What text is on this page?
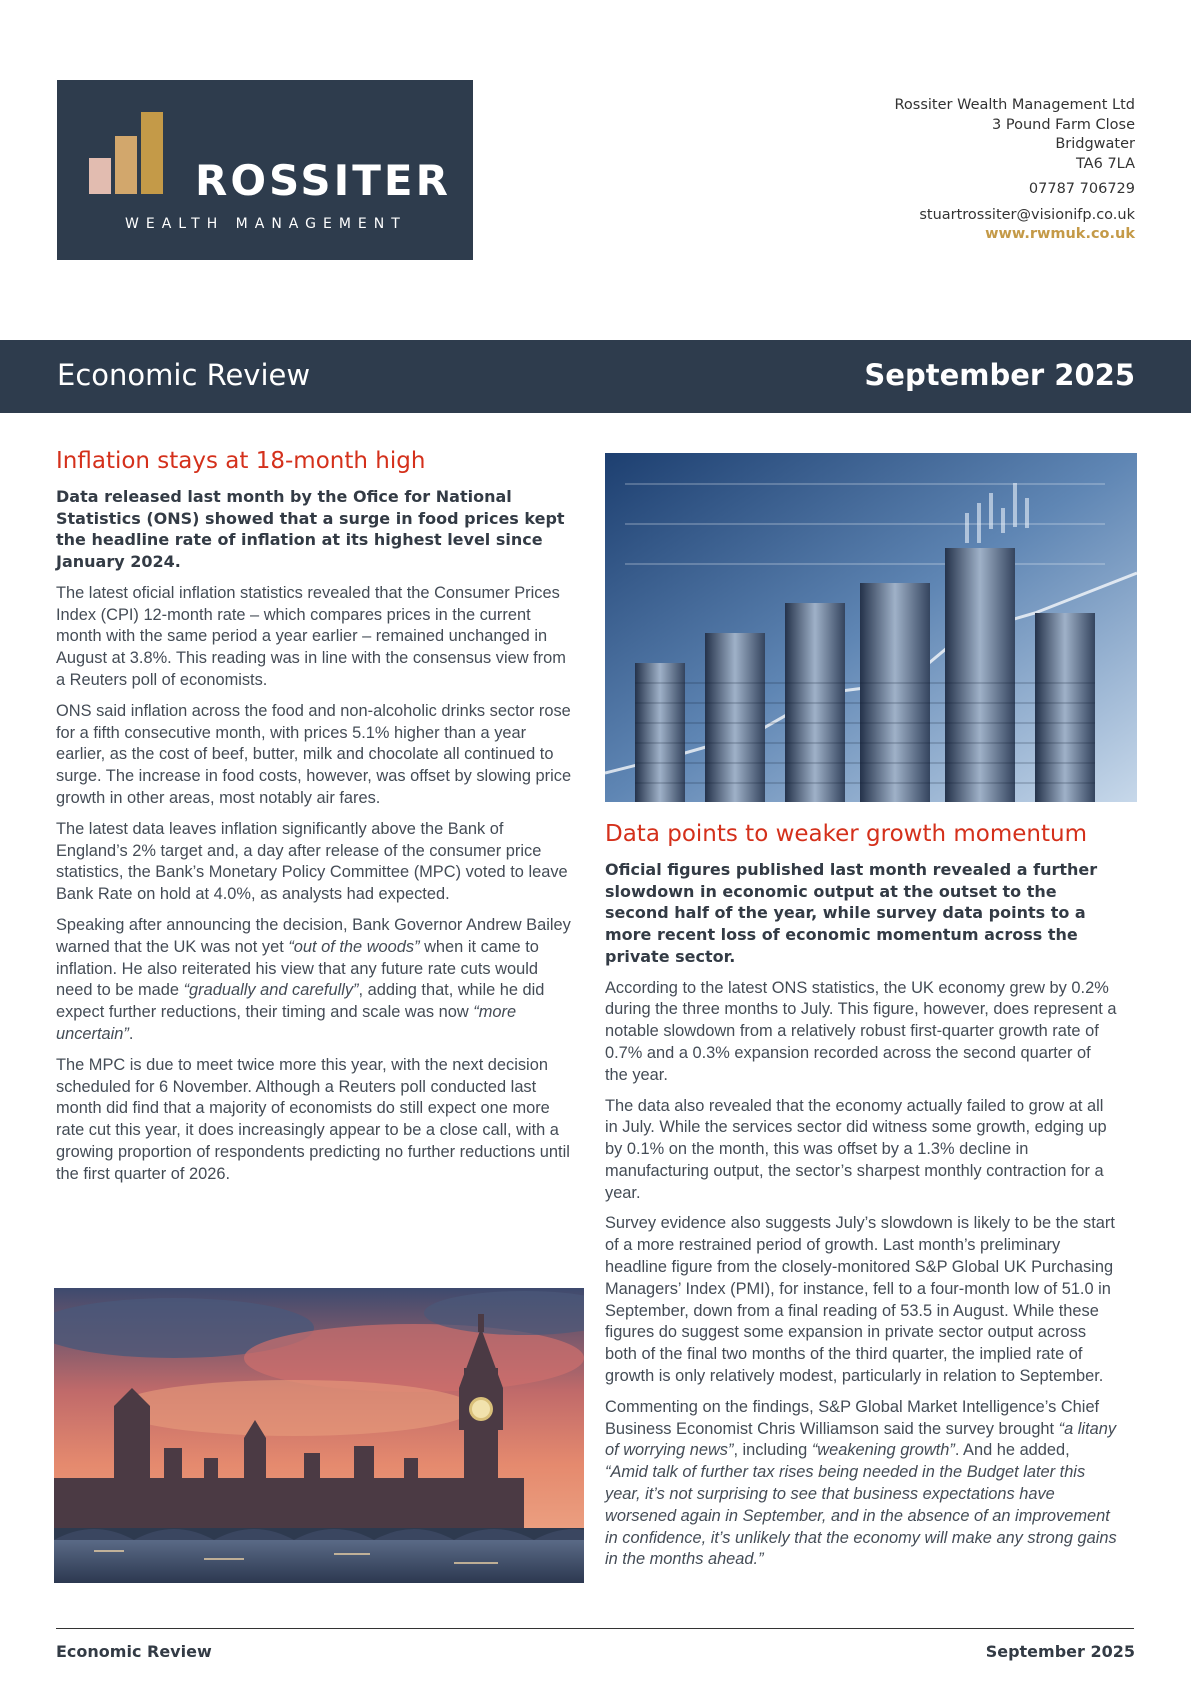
ROSSITER
WEALTH MANAGEMENT
Rossiter Wealth Management Ltd
3 Pound Farm Close
Bridgwater
TA6 7LA
07787 706729
stuartrossiter@visionifp.co.uk
www.rwmuk.co.uk
Economic Review	September 2025
Inflation stays at 18-month high

Data released last month by the Ofice for National Statistics (ONS) showed that a surge in food prices kept the headline rate of inflation at its highest level since January 2024.

The latest oficial inflation statistics revealed that the Consumer Prices Index (CPI) 12-month rate – which compares prices in the current month with the same period a year earlier – remained unchanged in August at 3.8%. This reading was in line with the consensus view from a Reuters poll of economists.

ONS said inflation across the food and non-alcoholic drinks sector rose for a fifth consecutive month, with prices 5.1% higher than a year earlier, as the cost of beef, butter, milk and chocolate all continued to surge. The increase in food costs, however, was offset by slowing price growth in other areas, most notably air fares.

The latest data leaves inflation significantly above the Bank of England’s 2% target and, a day after release of the consumer price statistics, the Bank’s Monetary Policy Committee (MPC) voted to leave Bank Rate on hold at 4.0%, as analysts had expected.

Speaking after announcing the decision, Bank Governor Andrew Bailey warned that the UK was not yet “out of the woods” when it came to inflation. He also reiterated his view that any future rate cuts would need to be made “gradually and carefully”, adding that, while he did expect further reductions, their timing and scale was now “more uncertain”.

The MPC is due to meet twice more this year, with the next decision scheduled for 6 November. Although a Reuters poll conducted last month did find that a majority of economists do still expect one more rate cut this year, it does increasingly appear to be a close call, with a growing proportion of respondents predicting no further reductions until the first quarter of 2026.

Data points to weaker growth momentum

Oficial figures published last month revealed a further slowdown in economic output at the outset to the second half of the year, while survey data points to a more recent loss of economic momentum across the private sector.

According to the latest ONS statistics, the UK economy grew by 0.2% during the three months to July. This figure, however, does represent a notable slowdown from a relatively robust first-quarter growth rate of 0.7% and a 0.3% expansion recorded across the second quarter of the year.

The data also revealed that the economy actually failed to grow at all in July. While the services sector did witness some growth, edging up by 0.1% on the month, this was offset by a 1.3% decline in manufacturing output, the sector’s sharpest monthly contraction for a year.

Survey evidence also suggests July’s slowdown is likely to be the start of a more restrained period of growth. Last month’s preliminary headline figure from the closely-monitored S&P Global UK Purchasing Managers’ Index (PMI), for instance, fell to a four-month low of 51.0 in September, down from a final reading of 53.5 in August. While these figures do suggest some expansion in private sector output across both of the final two months of the third quarter, the implied rate of growth is only relatively modest, particularly in relation to September.

Commenting on the findings, S&P Global Market Intelligence’s Chief Business Economist Chris Williamson said the survey brought “a litany of worrying news”, including “weakening growth”. And he added, “Amid talk of further tax rises being needed in the Budget later this year, it’s not surprising to see that business expectations have worsened again in September, and in the absence of an improvement in confidence, it’s unlikely that the economy will make any strong gains in the months ahead.”

Economic Review	September 2025
